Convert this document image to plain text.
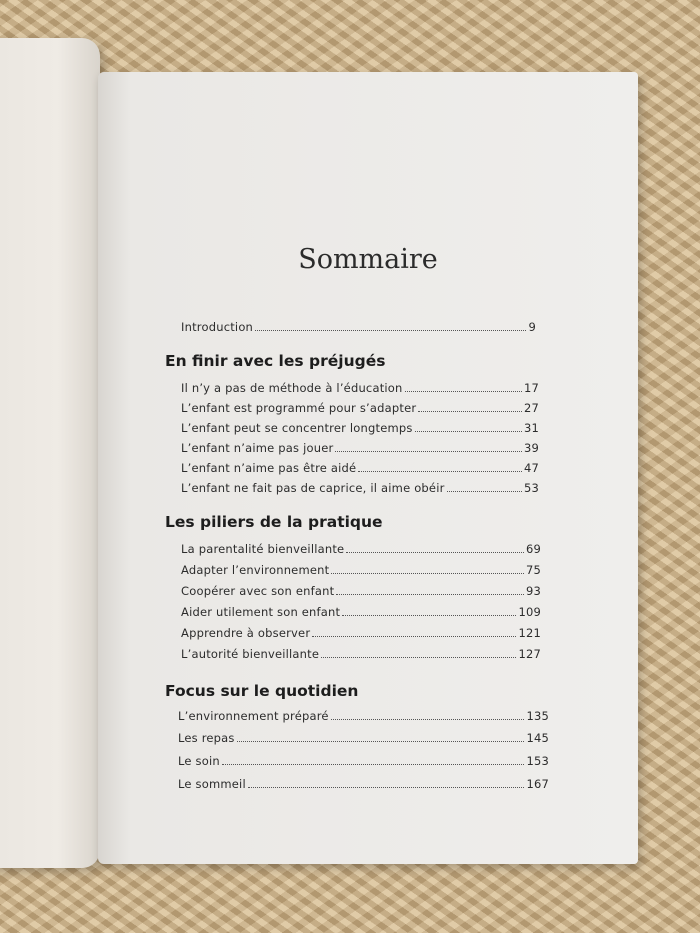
Sommaire
Introduction	9
En finir avec les préjugés
Il n’y a pas de méthode à l’éducation	17
L’enfant est programmé pour s’adapter	27
L’enfant peut se concentrer longtemps	31
L’enfant n’aime pas jouer	39
L’enfant n’aime pas être aidé	47
L’enfant ne fait pas de caprice, il aime obéir	53
Les piliers de la pratique
La parentalité bienveillante	69
Adapter l’environnement	75
Coopérer avec son enfant	93
Aider utilement son enfant	109
Apprendre à observer	121
L’autorité bienveillante	127
Focus sur le quotidien
L’environnement préparé	135
Les repas	145
Le soin	153
Le sommeil	167
